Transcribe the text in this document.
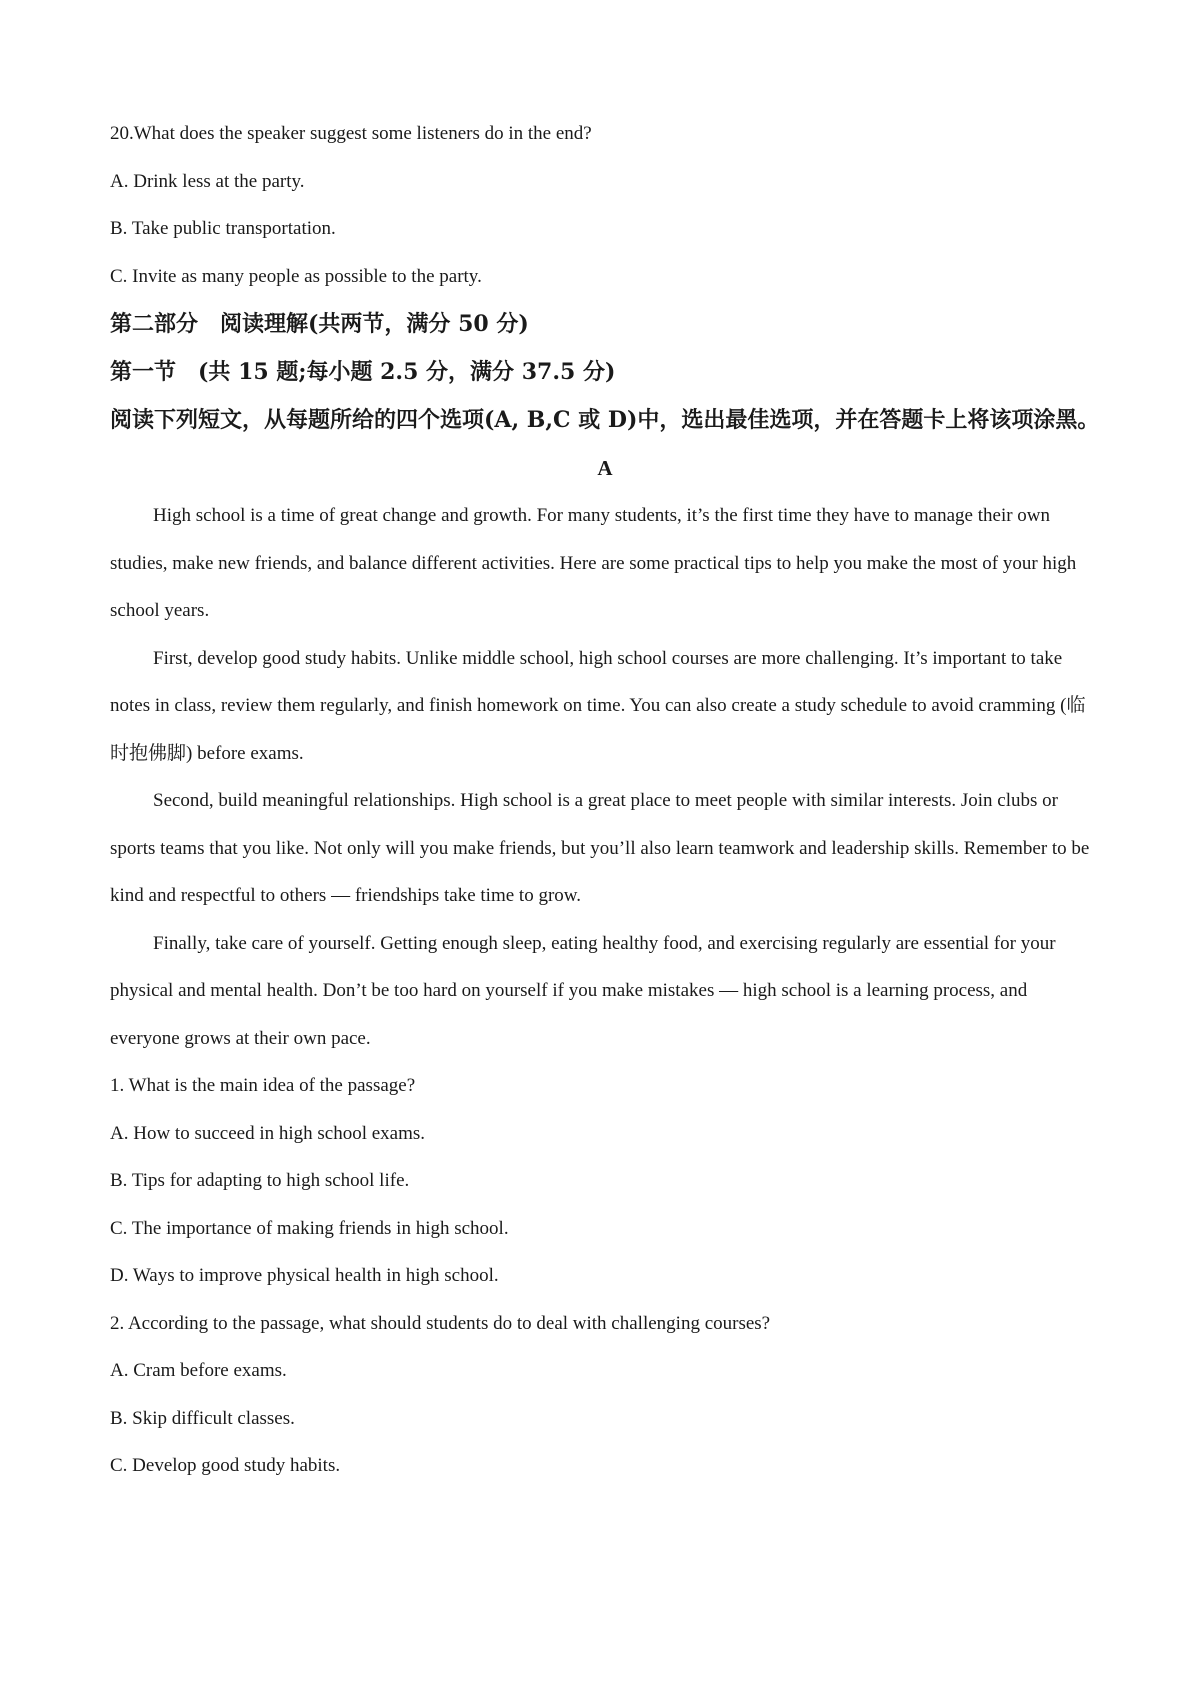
20.What does the speaker suggest some listeners do in the end?
A. Drink less at the party.
B. Take public transportation.
C. Invite as many people as possible to the party.
第二部分　阅读理解(共两节，满分 50 分)
第一节　(共 15 题;每小题 2.5 分，满分 37.5 分)

阅读下列短文，从每题所给的四个选项(A, B,C 或 D)中，选出最佳选项，并在答题卡上将该项涂黑。

A

High school is a time of great change and growth. For many students, it’s the first time they have to manage their own studies, make new friends, and balance different activities. Here are some practical tips to help you make the most of your high school years.

First, develop good study habits. Unlike middle school, high school courses are more challenging. It’s important to take notes in class, review them regularly, and finish homework on time. You can also create a study schedule to avoid cramming (临时抱佛脚) before exams.

Second, build meaningful relationships. High school is a great place to meet people with similar interests. Join clubs or sports teams that you like. Not only will you make friends, but you’ll also learn teamwork and leadership skills. Remember to be kind and respectful to others — friendships take time to grow.

Finally, take care of yourself. Getting enough sleep, eating healthy food, and exercising regularly are essential for your physical and mental health. Don’t be too hard on yourself if you make mistakes — high school is a learning process, and everyone grows at their own pace.

1. What is the main idea of the passage?
A. How to succeed in high school exams.
B. Tips for adapting to high school life.
C. The importance of making friends in high school.
D. Ways to improve physical health in high school.
2. According to the passage, what should students do to deal with challenging courses?
A. Cram before exams.
B. Skip difficult classes.
C. Develop good study habits.
